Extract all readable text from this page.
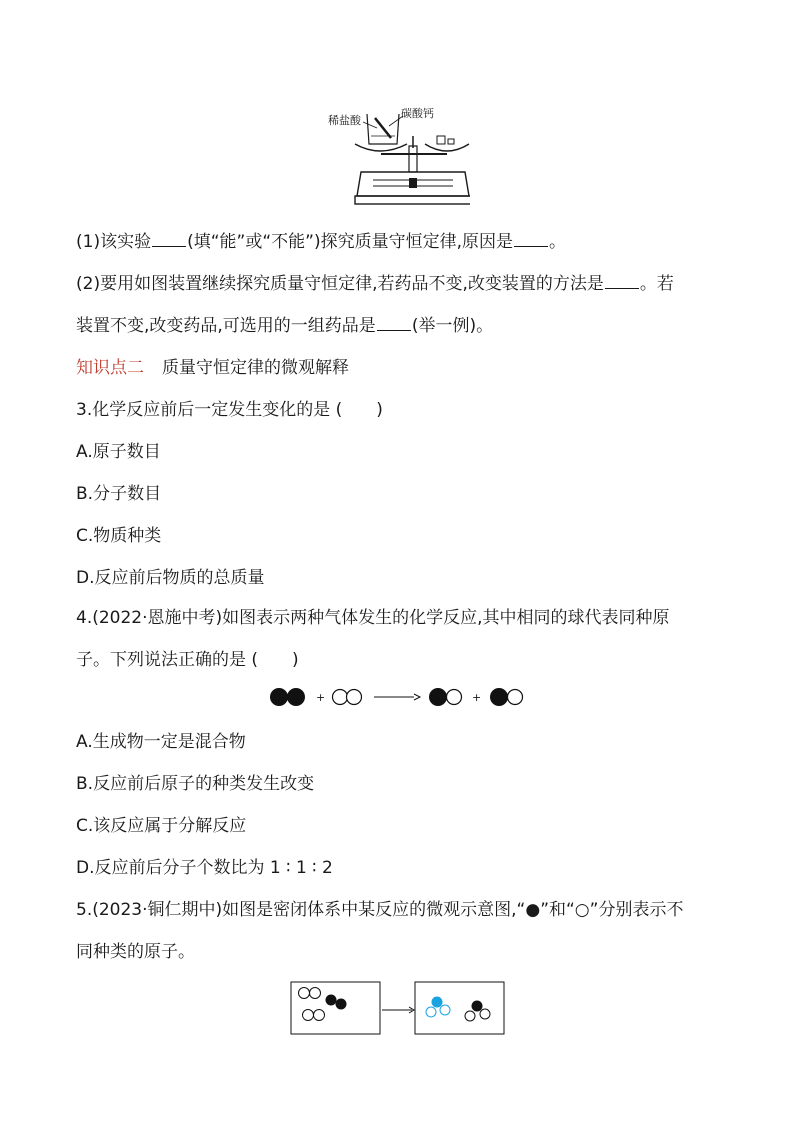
稀盐酸
碳酸钙
(1)该实验 (填“能”或“不能”)探究质量守恒定律,原因是 。
(2)要用如图装置继续探究质量守恒定律,若药品不变,改变装置的方法是 。若
装置不变,改变药品,可选用的一组药品是 (举一例)。
知识点二 质量守恒定律的微观解释
3.化学反应前后一定发生变化的是 (　　)
A.原子数目
B.分子数目
C.物质种类
D.反应前后物质的总质量
4.(2022·恩施中考)如图表示两种气体发生的化学反应,其中相同的球代表同种原
子。下列说法正确的是 (　　)
+	+
A.生成物一定是混合物
B.反应前后原子的种类发生改变
C.该反应属于分解反应
D.反应前后分子个数比为 1 ∶ 1 ∶ 2
5.(2023·铜仁期中)如图是密闭体系中某反应的微观示意图,“●”和“○”分别表示不
同种类的原子。
